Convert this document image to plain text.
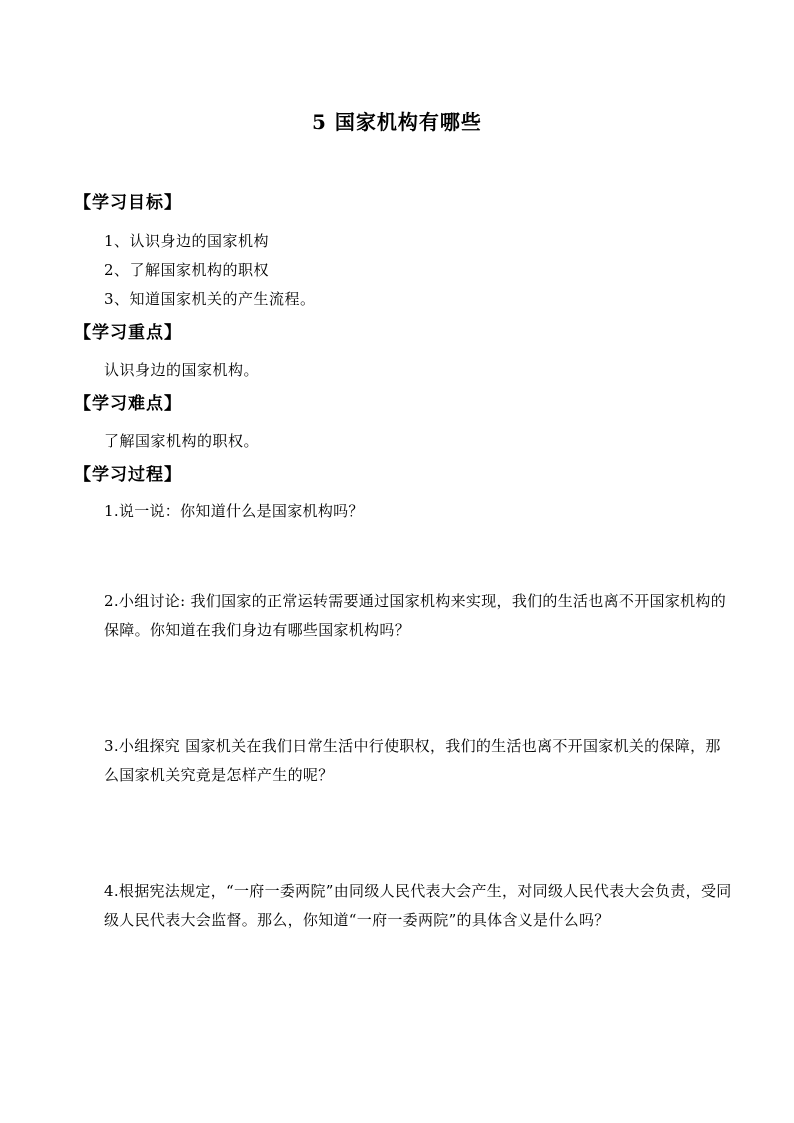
5 国家机构有哪些
【学习目标】
1、认识身边的国家机构
2、了解国家机构的职权
3、知道国家机关的产生流程。
【学习重点】
认识身边的国家机构。
【学习难点】
了解国家机构的职权。
【学习过程】
1.说一说：你知道什么是国家机构吗？
2.小组讨论: 我们国家的正常运转需要通过国家机构来实现，我们的生活也离不开国家机构的保障。你知道在我们身边有哪些国家机构吗？
3.小组探究 国家机关在我们日常生活中行使职权，我们的生活也离不开国家机关的保障，那么国家机关究竟是怎样产生的呢？
4.根据宪法规定，“一府一委两院”由同级人民代表大会产生，对同级人民代表大会负责，受同级人民代表大会监督。那么，你知道“一府一委两院”的具体含义是什么吗？
